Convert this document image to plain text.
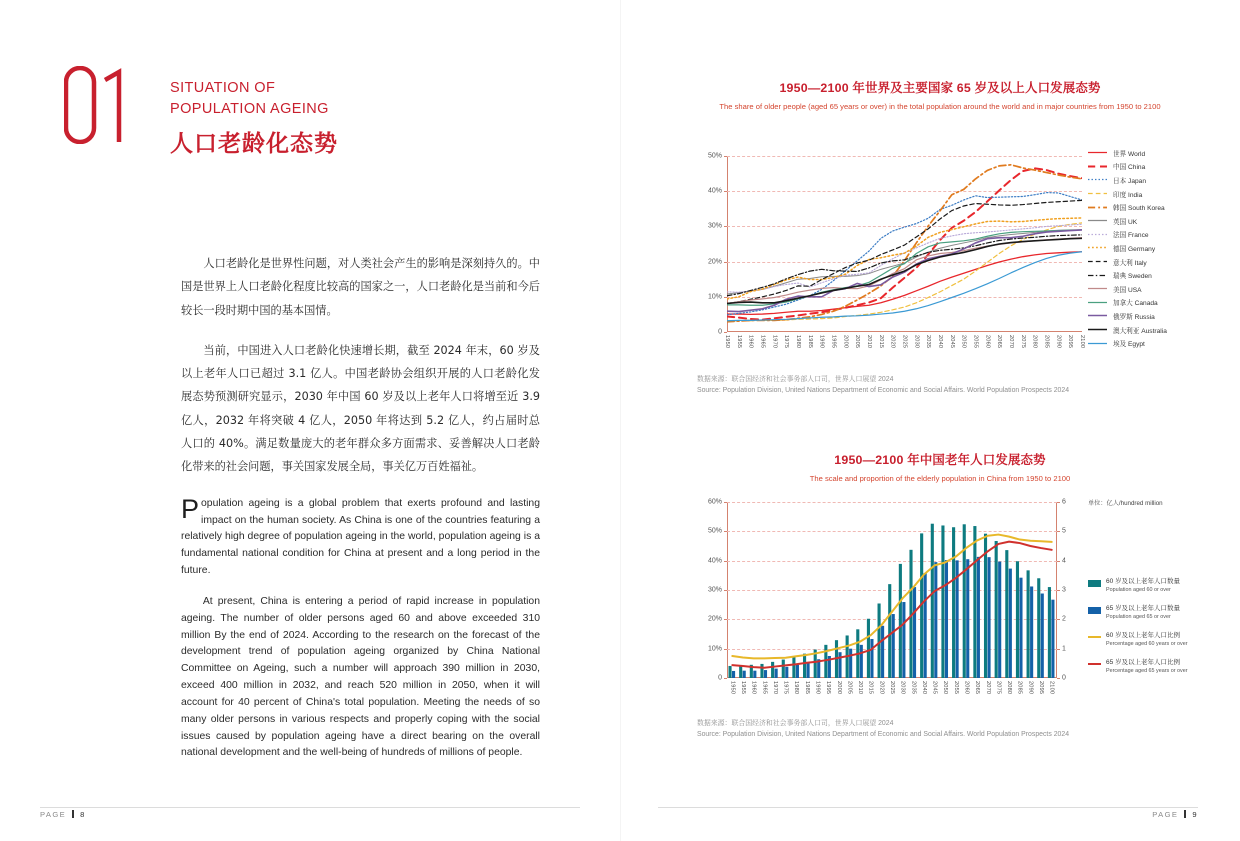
SITUATION OF
POPULATION AGEING
人口老龄化态势

人口老龄化是世界性问题，对人类社会产生的影响是深刻持久的。中国是世界上人口老龄化程度比较高的国家之一，人口老龄化是当前和今后较长一段时期中国的基本国情。

当前，中国进入人口老龄化快速增长期，截至 2024 年末，60 岁及以上老年人口已超过 3.1 亿人。中国老龄协会组织开展的人口老龄化发展态势预测研究显示，2030 年中国 60 岁及以上老年人口将增至近 3.9 亿人，2032 年将突破 4 亿人，2050 年将达到 5.2 亿人，约占届时总人口的 40%。满足数量庞大的老年群众多方面需求、妥善解决人口老龄化带来的社会问题，事关国家发展全局，事关亿万百姓福祉。

Population ageing is a global problem that exerts profound and lasting impact on the human society. As China is one of the countries featuring a relatively high degree of population ageing in the world, population ageing is a fundamental national condition for China at present and a long period in the future.

At present, China is entering a period of rapid increase in population ageing. The number of older persons aged 60 and above exceeded 310 million By the end of 2024. According to the research on the forecast of the development trend of population ageing organized by China National Committee on Ageing, such a number will approach 390 million in 2030, exceed 400 million in 2032, and reach 520 million in 2050, when it will account for 40 percent of China's total population. Meeting the needs of so many older persons in various respects and properly coping with the social issues caused by population ageing have a direct bearing on the overall national development and the well-being of hundreds of millions of people.

PAGE 8
1950—2100 年世界及主要国家 65 岁及以上人口发展态势
The share of older people (aged 65 years or over) in the total population around the world and in major countries from 1950 to 2100
0
10%
20%
30%
40%
50%
1950 1955 1960 1965 1970 1975 1980 1985 1990 1995 2000 2005 2010 2015 2020 2025 2030 2035 2040 2045 2050 2055 2060 2065 2070 2075 2080 2085 2090 2095 2100
世界 World
中国 China
日本 Japan
印度 India
韩国 South Korea
英国 UK
法国 France
德国 Germany
意大利 Italy
瑞典 Sweden
美国 USA
加拿大 Canada
俄罗斯 Russia
澳大利亚 Australia
埃及 Egypt
数据来源：联合国经济和社会事务部人口司，世界人口展望 2024
Source: Population Division, United Nations Department of Economic and Social Affairs. World Population Prospects 2024
1950—2100 年中国老年人口发展态势
The scale and proportion of the elderly population in China from 1950 to 2100
单位：亿人/hundred million
0
10%
20%
30%
40%
50%
60%
0
1
2
3
4
5
6
1950 1955 1960 1965 1970 1975 1980 1985 1990 1995 2000 2005 2010 2015 2020 2025 2030 2035 2040 2045 2050 2055 2060 2065 2070 2075 2080 2085 2090 2095 2100
60 岁及以上老年人口数量
Population aged 60 or over
65 岁及以上老年人口数量
Population aged 65 or over
60 岁及以上老年人口比例
Percentage aged 60 years or over
65 岁及以上老年人口比例
Percentage aged 65 years or over
数据来源：联合国经济和社会事务部人口司，世界人口展望 2024
Source: Population Division, United Nations Department of Economic and Social Affairs. World Population Prospects 2024
PAGE 9
